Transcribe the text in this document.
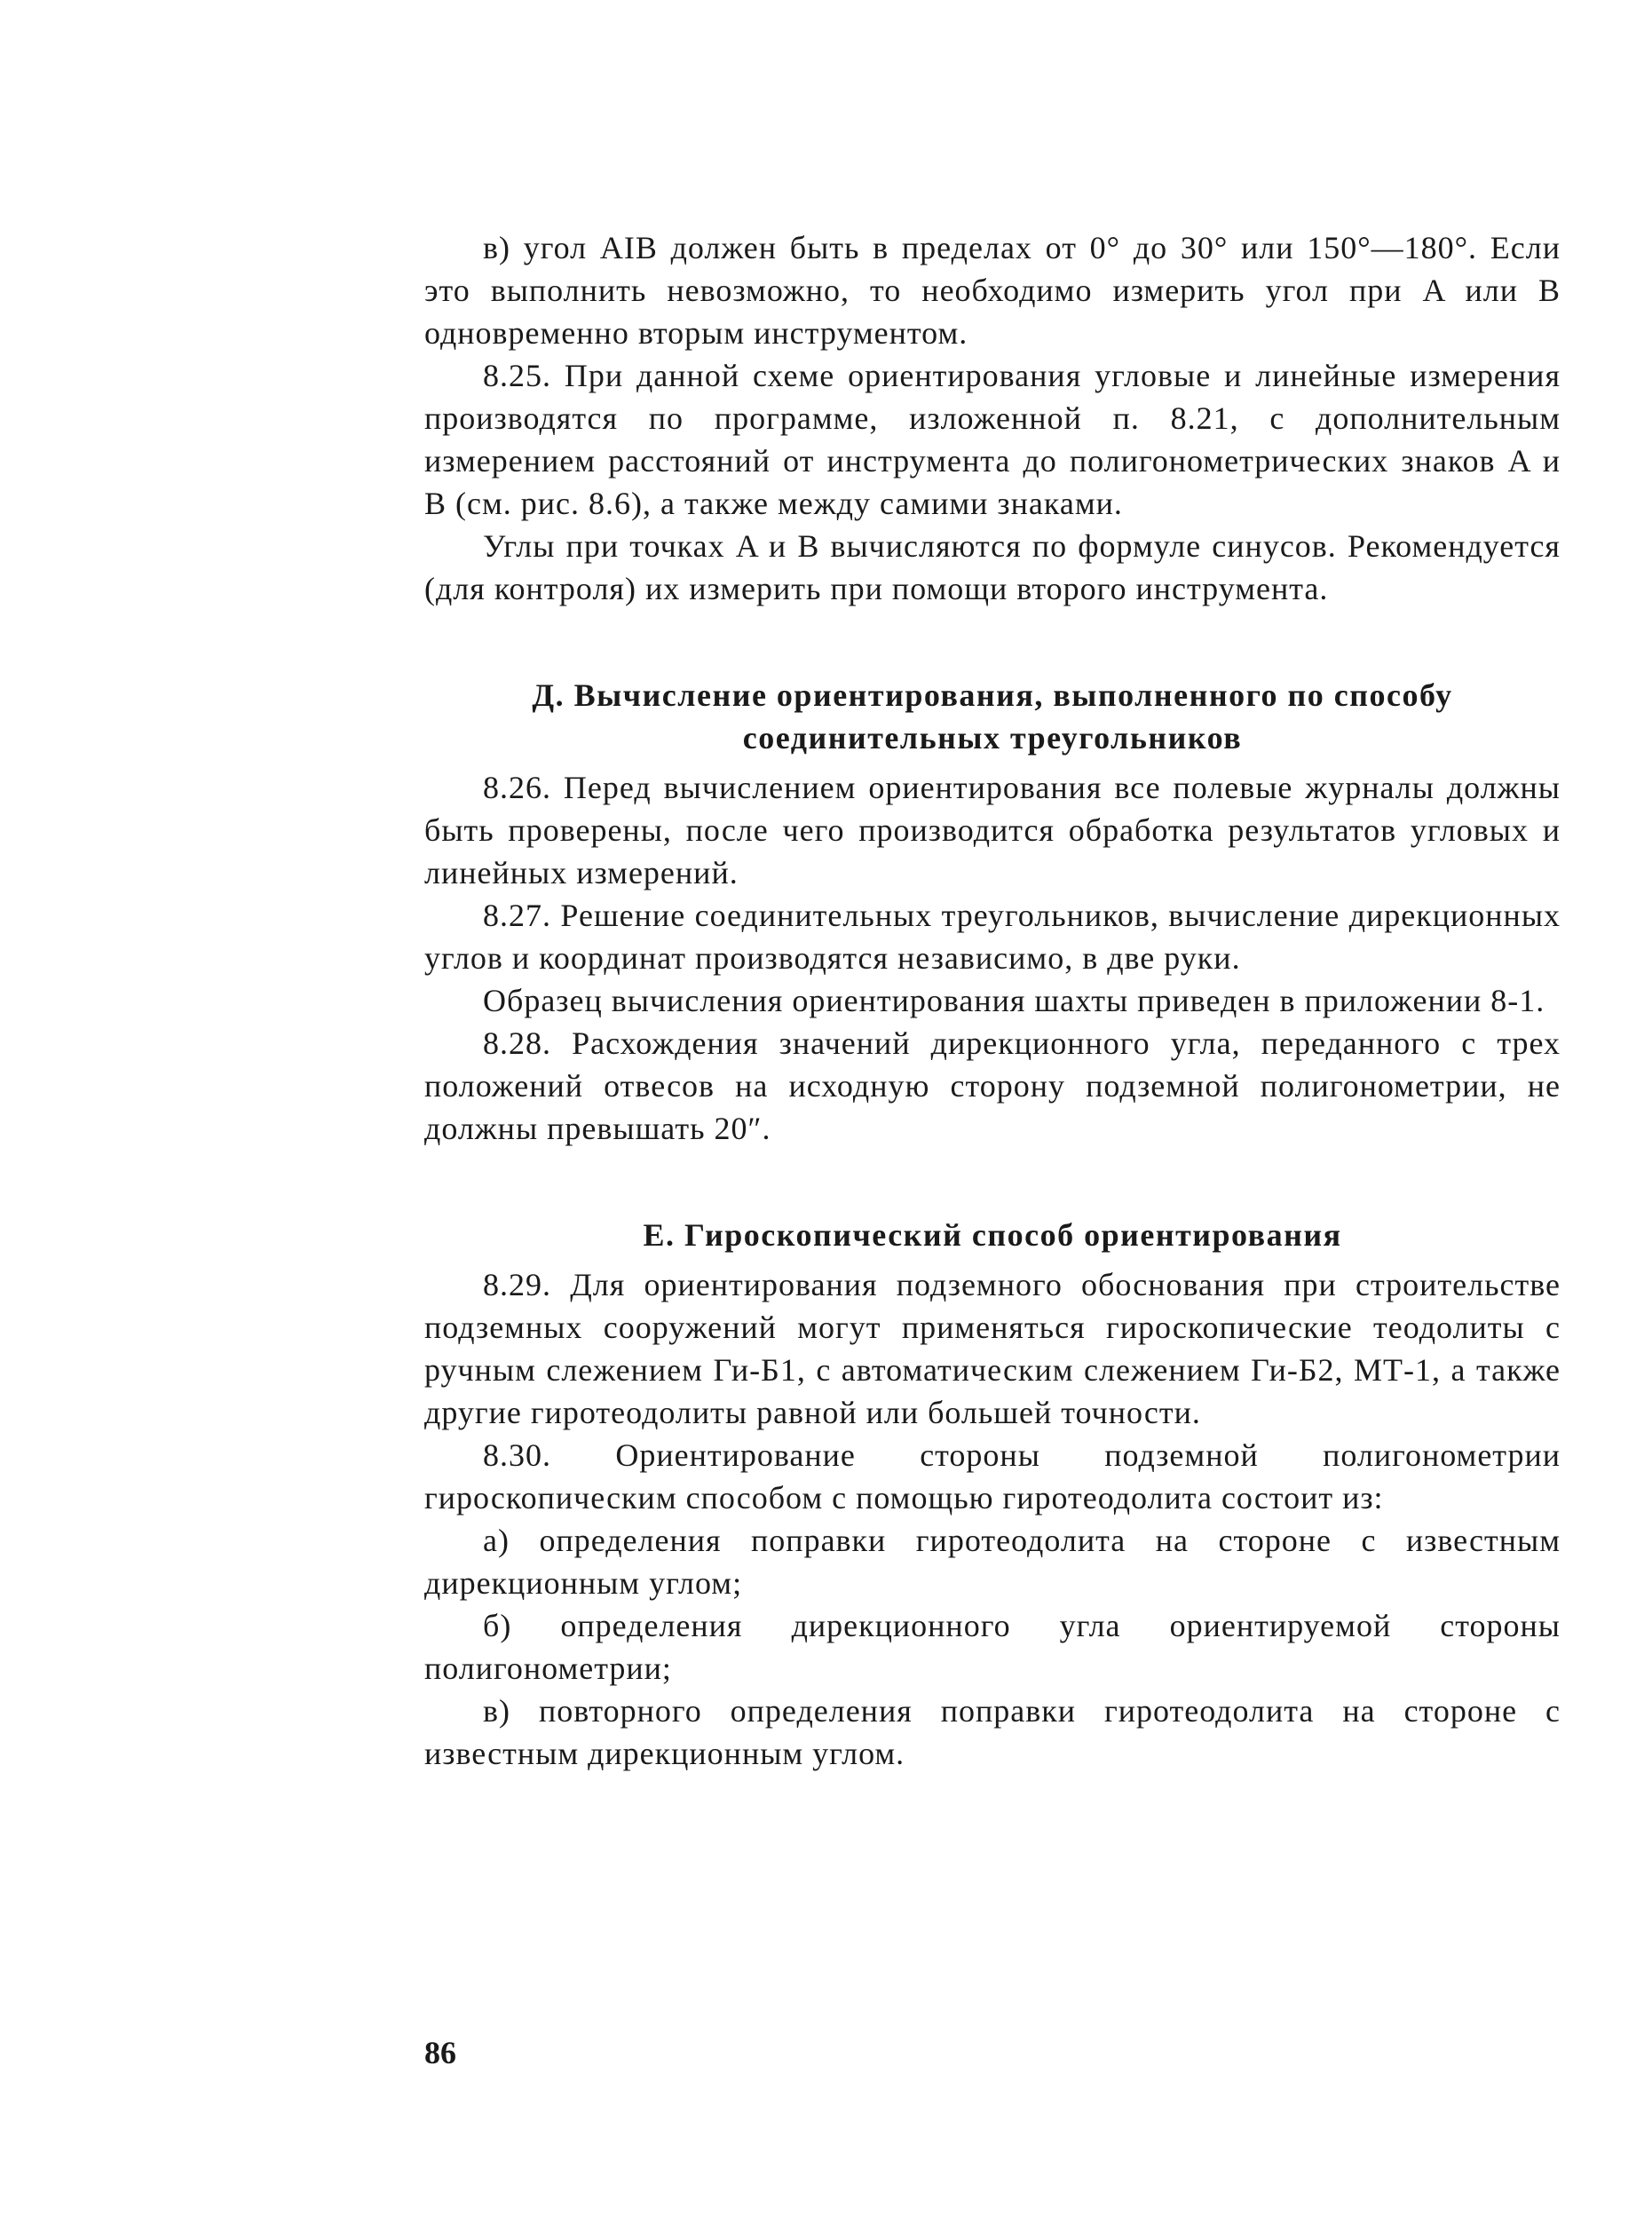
в) угол AIB должен быть в пределах от 0° до 30° или 150°—180°. Если это выполнить невозможно, то необходимо измерить угол при A или B одновременно вторым инструментом.

8.25. При данной схеме ориентирования угловые и линейные измерения производятся по программе, изложенной п. 8.21, с дополнительным измерением расстояний от инструмента до полигонометрических знаков A и B (см. рис. 8.6), а также между самими знаками.

Углы при точках A и B вычисляются по формуле синусов. Рекомендуется (для контроля) их измерить при помощи второго инструмента.

Д. Вычисление ориентирования, выполненного по способу
соединительных треугольников

8.26. Перед вычислением ориентирования все полевые журналы должны быть проверены, после чего производится обработка результатов угловых и линейных измерений.

8.27. Решение соединительных треугольников, вычисление дирекционных углов и координат производятся независимо, в две руки.

Образец вычисления ориентирования шахты приведен в приложении 8-1.

8.28. Расхождения значений дирекционного угла, переданного с трех положений отвесов на исходную сторону подземной полигонометрии, не должны превышать 20″.

Е. Гироскопический способ ориентирования

8.29. Для ориентирования подземного обоснования при строительстве подземных сооружений могут применяться гироскопические теодолиты с ручным слежением Ги-Б1, с автоматическим слежением Ги-Б2, МТ-1, а также другие гиротеодолиты равной или большей точности.

8.30. Ориентирование стороны подземной полигонометрии гироскопическим способом с помощью гиротеодолита состоит из:

а) определения поправки гиротеодолита на стороне с известным дирекционным углом;

б) определения дирекционного угла ориентируемой стороны полигонометрии;

в) повторного определения поправки гиротеодолита на стороне с известным дирекционным углом.

86
